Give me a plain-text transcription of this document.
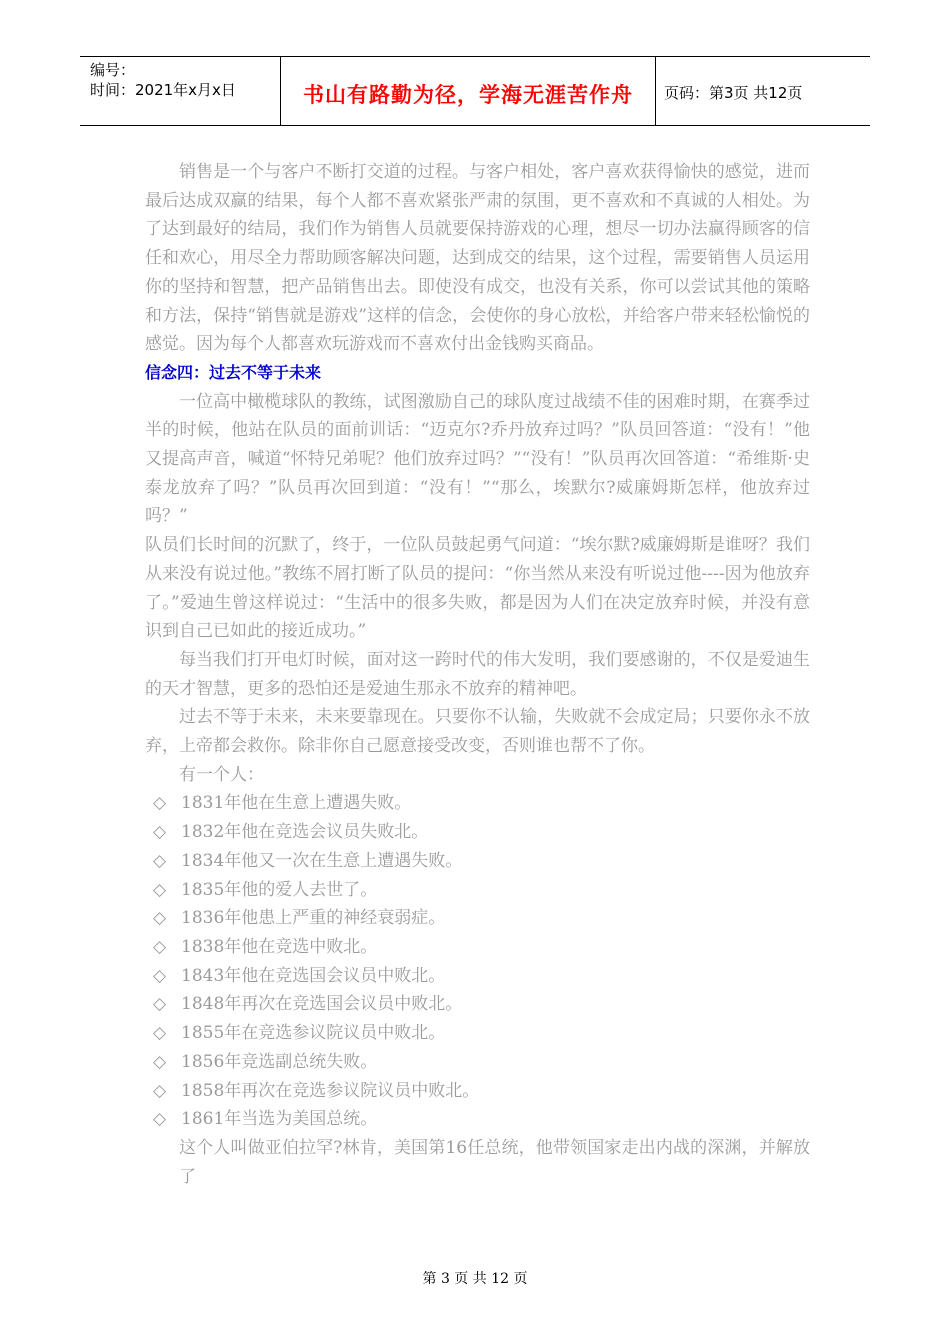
编号：
时间：2021年x月x日	书山有路勤为径，学海无涯苦作舟	页码：第3页 共12页

销售是一个与客户不断打交道的过程。与客户相处，客户喜欢获得愉快的感觉，进而最后达成双赢的结果，每个人都不喜欢紧张严肃的氛围，更不喜欢和不真诚的人相处。为了达到最好的结局，我们作为销售人员就要保持游戏的心理，想尽一切办法赢得顾客的信任和欢心，用尽全力帮助顾客解决问题，达到成交的结果，这个过程，需要销售人员运用你的坚持和智慧，把产品销售出去。即使没有成交，也没有关系，你可以尝试其他的策略和方法，保持“销售就是游戏”这样的信念，会使你的身心放松，并给客户带来轻松愉悦的感觉。因为每个人都喜欢玩游戏而不喜欢付出金钱购买商品。

信念四：过去不等于未来

一位高中橄榄球队的教练，试图激励自己的球队度过战绩不佳的困难时期，在赛季过半的时候，他站在队员的面前训话：“迈克尔?乔丹放弃过吗？”队员回答道：“没有！”他又提高声音，喊道“怀特兄弟呢？他们放弃过吗？”“没有！”队员再次回答道：“希维斯·史泰龙放弃了吗？”队员再次回到道：“没有！”“那么，埃默尔?威廉姆斯怎样，他放弃过吗？”

队员们长时间的沉默了，终于，一位队员鼓起勇气问道：“埃尔默?威廉姆斯是谁呀？我们从来没有说过他。”教练不屑打断了队员的提问：“你当然从来没有听说过他----因为他放弃了。”爱迪生曾这样说过：“生活中的很多失败，都是因为人们在决定放弃时候，并没有意识到自己已如此的接近成功。”

每当我们打开电灯时候，面对这一跨时代的伟大发明，我们要感谢的，不仅是爱迪生的天才智慧，更多的恐怕还是爱迪生那永不放弃的精神吧。

过去不等于未来，未来要靠现在。只要你不认输，失败就不会成定局；只要你永不放弃，上帝都会救你。除非你自己愿意接受改变，否则谁也帮不了你。

有一个人：

◇ 1831年他在生意上遭遇失败。
◇ 1832年他在竞选会议员失败北。
◇ 1834年他又一次在生意上遭遇失败。
◇ 1835年他的爱人去世了。
◇ 1836年他患上严重的神经衰弱症。
◇ 1838年他在竞选中败北。
◇ 1843年他在竞选国会议员中败北。
◇ 1848年再次在竞选国会议员中败北。
◇ 1855年在竞选参议院议员中败北。
◇ 1856年竞选副总统失败。
◇ 1858年再次在竞选参议院议员中败北。
◇ 1861年当选为美国总统。

这个人叫做亚伯拉罕?林肯，美国第16任总统，他带领国家走出内战的深渊，并解放了

第 3 页 共 12 页
